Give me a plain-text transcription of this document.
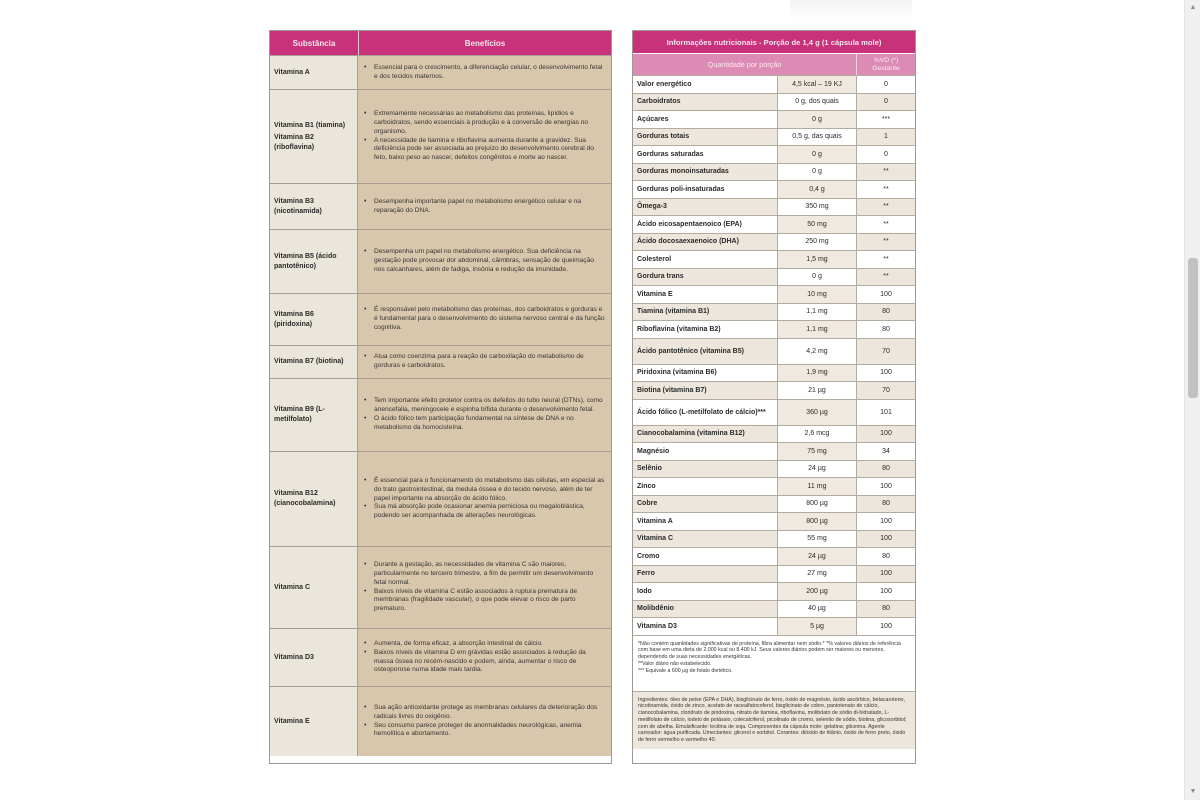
Substância	Benefícios
Vitamina A
•	Essencial para o crescimento, a diferenciação celular, o desenvolvimento fetal e dos tecidos maternos.
Vitamina B1 (tiamina)
Vitamina B2 (riboflavina)
•	Extremamente necessárias ao metabolismo das proteínas, lipídios e carboidratos, sendo essenciais à produção e à conversão de energias no organismo.
•	A necessidade de tiamina e riboflavina aumenta durante a gravidez. Sua deficiência pode ser associada ao prejuízo do desenvolvimento cerebral do feto, baixo peso ao nascer, defeitos congênitos e morte ao nascer.
Vitamina B3 (nicotinamida)
•	Desempenha importante papel no metabolismo energético celular e na reparação do DNA.
Vitamina B5 (ácido pantotênico)
•	Desempenha um papel no metabolismo energético. Sua deficiência na gestação pode provocar dor abdominal, câimbras, sensação de queimação nos calcanhares, além de fadiga, insônia e redução da imunidade.
Vitamina B6 (piridoxina)
•	É responsável pelo metabolismo das proteínas, dos carboidratos e gorduras e é fundamental para o desenvolvimento do sistema nervoso central e da função cognitiva.
Vitamina B7 (biotina)
•	Atua como coenzima para a reação de carboxilação do metabolismo de gorduras e carboidratos.
Vitamina B9 (L-metilfolato)
•	Tem importante efeito protetor contra os defeitos do tubo neural (DTNs), como anencefalia, meningocele e espinha bífida durante o desenvolvimento fetal.
•	O ácido fólico tem participação fundamental na síntese de DNA e no metabolismo da homocisteína.
Vitamina B12 (cianocobalamina)
•	É essencial para o funcionamento do metabolismo das células, em especial as do trato gastrointestinal, da medula óssea e do tecido nervoso, além de ter papel importante na absorção do ácido fólico.
•	Sua má absorção pode ocasionar anemia perniciosa ou megaloblástica, podendo ser acompanhada de alterações neurológicas.
Vitamina C
•	Durante a gestação, as necessidades de vitamina C são maiores, particularmente no terceiro trimestre, a fim de permitir um desenvolvimento fetal normal.
•	Baixos níveis de vitamina C estão associados à ruptura prematura de membranas (fragilidade vascular), o que pode elevar o risco de parto prematuro.
Vitamina D3
•	Aumenta, de forma eficaz, a absorção intestinal de cálcio.
•	Baixos níveis de vitamina D em grávidas estão associados à redução da massa óssea no recém-nascido e podem, ainda, aumentar o risco de osteoporose numa idade mais tardia.
Vitamina E
•	Sua ação antioxidante protege as membranas celulares da deterioração dos radicais livres do oxigênio.
•	Seu consumo parece proteger de anormalidades neurológicas, anemia hemolítica e abortamento.
Informações nutricionais - Porção de 1,4 g (1 cápsula mole)
Quantidade por porção	%VD (*)
Gestante
Valor energético	4,5 kcal – 19 KJ	0
Carboidratos	0 g, dos quais	0
Açúcares	0 g	***
Gorduras totais	0,5 g, das quais	1
Gorduras saturadas	0 g	0
Gorduras monoinsaturadas	0 g	**
Gorduras poli-insaturadas	0,4 g	**
Ômega-3	350 mg	**
Ácido eicosapentaenoico (EPA)	50 mg	**
Ácido docosaexaenoico (DHA)	250 mg	**
Colesterol	1,5 mg	**
Gordura trans	0 g	**
Vitamina E	10 mg	100
Tiamina (vitamina B1)	1,1 mg	80
Riboflavina (vitamina B2)	1,1 mg	80
Ácido pantotênico (vitamina B5)	4,2 mg	70
Piridoxina (vitamina B6)	1,9 mg	100
Biotina (vitamina B7)	21 µg	70
Ácido fólico (L-metilfolato de cálcio)***	360 µg	101
Cianocobalamina (vitamina B12)	2,6 mcg	100
Magnésio	75 mg	34
Selênio	24 µg	80
Zinco	11 mg	100
Cobre	800 µg	80
Vitamina A	800 µg	100
Vitamina C	55 mg	100
Cromo	24 µg	80
Ferro	27 mg	100
Iodo	200 µg	100
Molibdênio	40 µg	80
Vitamina D3	5 µg	100

*Não contém quantidades significativas de proteína, fibra alimentar nem sódio.* *% valores diários de referência com base em uma dieta de 2.000 kcal ou 8.400 kJ. Seus valores diários podem ser maiores ou menores, dependendo de suas necessidades energéticas.

**Valor diário não estabelecido.

*** Equivale a 600 µg de folato dietético.

Ingredientes: óleo de peixe (EPA e DHA), bisglicinato de ferro, óxido de magnésio, ácido ascórbico, betacaroteno, nicotinamida, óxido de zinco, acetato de racealfatocoferol, bisglicinato de cobre, pantotenato de cálcio, cianocobalamina, cloridrato de piridoxina, nitrato de tiamina, riboflavina, molibdato de sódio di-hidratado, L-metilfolato de cálcio, iodeto de potássio, colecalciferol, picolinato de cromo, selenito de sódio, biotina, glicosorbitol; com de abelha. Emulsificante: lecitina de soja. Componentes da cápsula mole: gelatina; glicerina. Agente carreador: água purificada. Umectantes: glicerol e sorbitol. Corantes: dióxido de titânio, óxido de ferro preto, óxido de ferro vermelho e vermelho 40.

▲
▼
